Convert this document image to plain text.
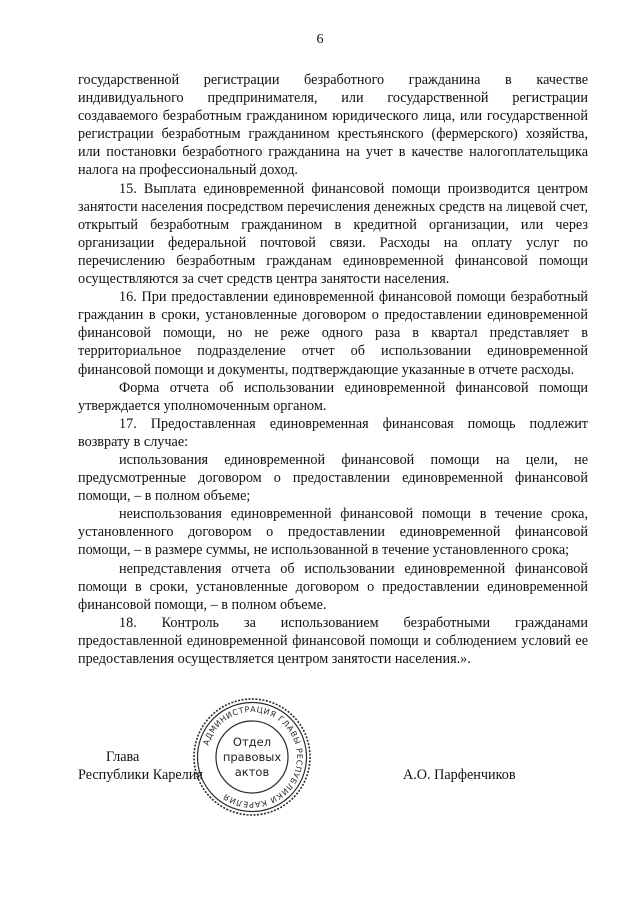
6

государственной регистрации безработного гражданина в качестве индивидуального предпринимателя, или государственной регистрации создаваемого безработным гражданином юридического лица, или государственной регистрации безработным гражданином крестьянского (фермерского) хозяйства, или постановки безработного гражданина на учет в качестве налогоплательщика налога на профессиональный доход.

15. Выплата единовременной финансовой помощи производится центром занятости населения посредством перечисления денежных средств на лицевой счет, открытый безработным гражданином в кредитной организации, или через организации федеральной почтовой связи. Расходы на оплату услуг по перечислению безработным гражданам единовременной финансовой помощи осуществляются за счет средств центра занятости населения.

16. При предоставлении единовременной финансовой помощи безработный гражданин в сроки, установленные договором о предоставлении единовременной финансовой помощи, но не реже одного раза в квартал представляет в территориальное подразделение отчет об использовании единовременной финансовой помощи и документы, подтверждающие указанные в отчете расходы.

Форма отчета об использовании единовременной финансовой помощи утверждается уполномоченным органом.

17. Предоставленная единовременная финансовая помощь подлежит возврату в случае:

использования единовременной финансовой помощи на цели, не предусмотренные договором о предоставлении единовременной финансовой помощи, – в полном объеме;

неиспользования единовременной финансовой помощи в течение срока, установленного договором о предоставлении единовременной финансовой помощи, – в размере суммы, не использованной в течение установленного срока;

непредставления отчета об использовании единовременной финансовой помощи в сроки, установленные договором о предоставлении единовременной финансовой помощи, – в полном объеме.

18. Контроль за использованием безработными гражданами предоставленной единовременной финансовой помощи и соблюдением условий ее предоставления осуществляется центром занятости населения.».

Глава
Республики Карелия	А.О. Парфенчиков
АДМИНИСТРАЦИЯ ГЛАВЫ РЕСПУБЛИКИ КАРЕЛИЯ
Отдел
правовых
актов
